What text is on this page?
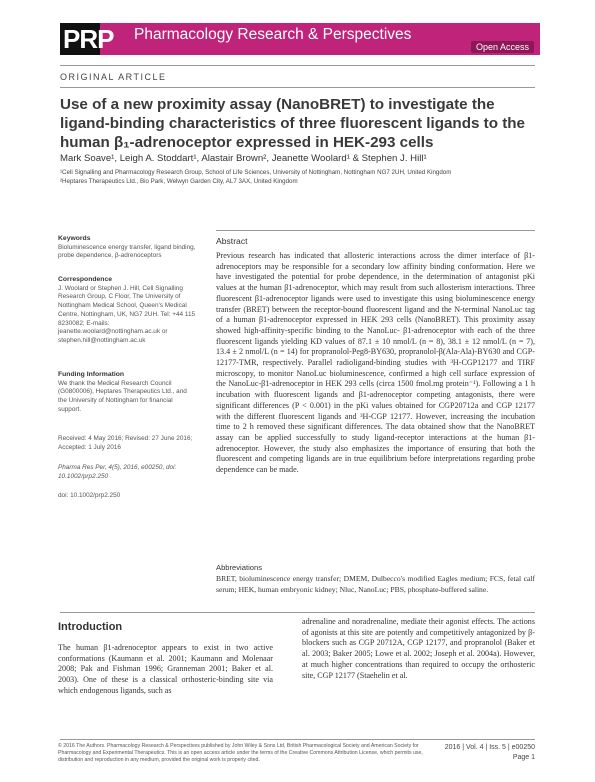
PRP Pharmacology Research & Perspectives
Open Access
ORIGINAL ARTICLE
Use of a new proximity assay (NanoBRET) to investigate the ligand-binding characteristics of three fluorescent ligands to the human β₁-adrenoceptor expressed in HEK-293 cells
Mark Soave¹, Leigh A. Stoddart¹, Alastair Brown², Jeanette Woolard¹ & Stephen J. Hill¹
¹Cell Signalling and Pharmacology Research Group, School of Life Sciences, University of Nottingham, Nottingham NG7 2UH, United Kingdom
²Heptares Therapeutics Ltd., Bio Park, Welwyn Garden City, AL7 3AX, United Kingdom
Keywords

Bioluminescence energy transfer, ligand binding, probe dependence, β-adrenoceptors

Correspondence

J. Woolard or Stephen J. Hill, Cell Signalling Research Group, C Floor, The University of Nottingham Medical School, Queen's Medical Centre, Nottingham, UK, NG7 2UH. Tel: +44 115 8230082; E-mails: jeanette.woolard@nottingham.ac.uk or stephen.hill@nottingham.ac.uk

Funding Information

We thank the Medical Research Council (G0800006), Heptares Therapeutics Ltd., and the University of Nottingham for financial support.

Received: 4 May 2016; Revised: 27 June 2016; Accepted: 1 July 2016

Pharma Res Per, 4(5), 2016, e00250, doi: 10.1002/prp2.250

doi: 10.1002/prp2.250

Abstract

Previous research has indicated that allosteric interactions across the dimer interface of β1-adrenoceptors may be responsible for a secondary low affinity binding conformation. Here we have investigated the potential for probe dependence, in the determination of antagonist pKi values at the human β1-adrenoceptor, which may result from such allosterism interactions. Three fluorescent β1-adrenoceptor ligands were used to investigate this using bioluminescence energy transfer (BRET) between the receptor-bound fluorescent ligand and the N-terminal NanoLuc tag of a human β1-adrenoceptor expressed in HEK 293 cells (NanoBRET). This proximity assay showed high-affinity-specific binding to the NanoLuc- β1-adrenoceptor with each of the three fluorescent ligands yielding KD values of 87.1 ± 10 nmol/L (n = 8), 38.1 ± 12 nmol/L (n = 7), 13.4 ± 2 nmol/L (n = 14) for propranolol-Peg8-BY630, propranolol-β(Ala-Ala)-BY630 and CGP-12177-TMR, respectively. Parallel radioligand-binding studies with ³H-CGP12177 and TIRF microscopy, to monitor NanoLuc bioluminescence, confirmed a high cell surface expression of the NanoLuc-β1-adrenoceptor in HEK 293 cells (circa 1500 fmol.mg protein⁻¹). Following a 1 h incubation with fluorescent ligands and β1-adrenoceptor competing antagonists, there were significant differences (P < 0.001) in the pKi values obtained for CGP20712a and CGP 12177 with the different fluorescent ligands and ³H-CGP 12177. However, increasing the incubation time to 2 h removed these significant differences. The data obtained show that the NanoBRET assay can be applied successfully to study ligand-receptor interactions at the human β1-adrenoceptor. However, the study also emphasizes the importance of ensuring that both the fluorescent and competing ligands are in true equilibrium before interpretations regarding probe dependence can be made.

Abbreviations

BRET, bioluminescence energy transfer; DMEM, Dulbecco's modified Eagles medium; FCS, fetal calf serum; HEK, human embryonic kidney; Nluc, NanoLuc; PBS, phosphate-buffered saline.

Introduction

The human β1-adrenoceptor appears to exist in two active conformations (Kaumann et al. 2001; Kaumann and Molenaar 2008; Pak and Fishman 1996; Granneman 2001; Baker et al. 2003). One of these is a classical orthosteric-binding site via which endogenous ligands, such as

adrenaline and noradrenaline, mediate their agonist effects. The actions of agonists at this site are potently and competitively antagonized by β-blockers such as CGP 20712A, CGP 12177, and propranolol (Baker et al. 2003; Baker 2005; Lowe et al. 2002; Joseph et al. 2004a). However, at much higher concentrations than required to occupy the orthosteric site, CGP 12177 (Staehelin et al.

© 2016 The Authors. Pharmacology Research & Perspectives published by John Wiley & Sons Ltd, British Pharmacological Society and American Society for Pharmacology and Experimental Therapeutics. This is an open access article under the terms of the Creative Commons Attribution License, which permits use, distribution and reproduction in any medium, provided the original work is properly cited.
2016 | Vol. 4 | Iss. 5 | e00250
Page 1
